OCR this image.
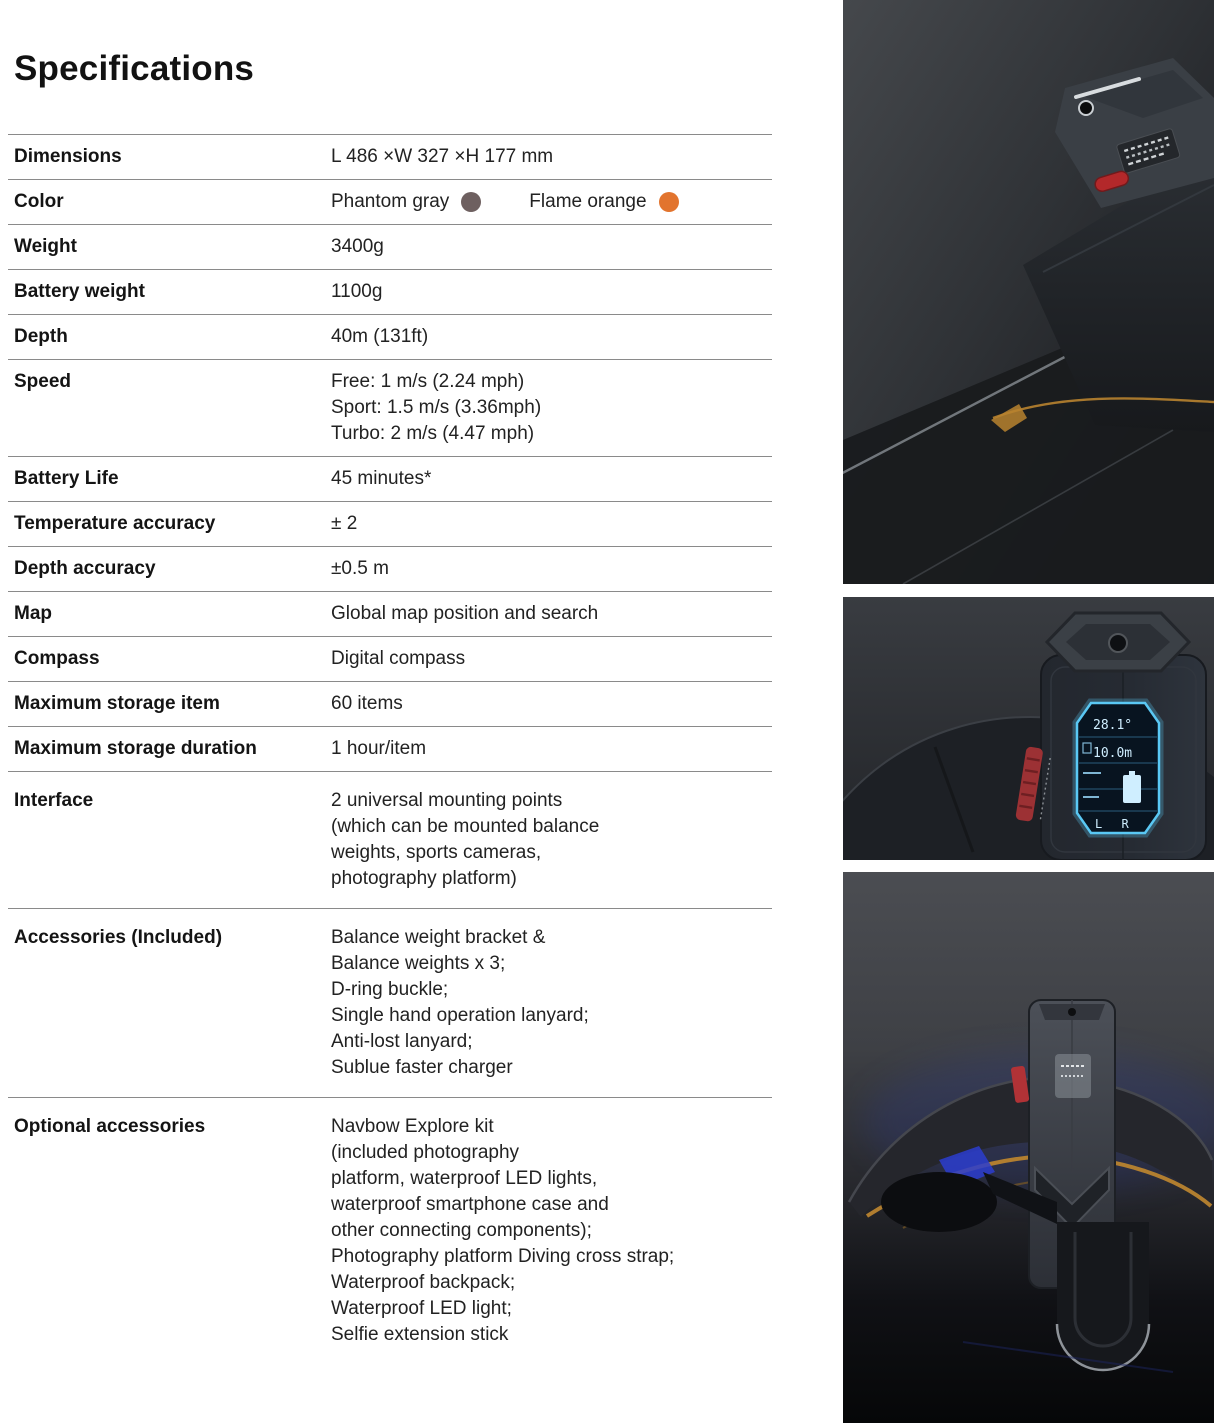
Specifications
Dimensions	L 486 ×W 327 ×H 177 mm
Color	Phantom gray	Flame orange
Weight	3400g
Battery weight	1100g
Depth	40m (131ft)
Speed	Free: 1 m/s (2.24 mph)
Sport: 1.5 m/s (3.36mph)
Turbo: 2 m/s (4.47 mph)
Battery Life	45 minutes*
Temperature accuracy	± 2
Depth accuracy	±0.5 m
Map	Global map position and search
Compass	Digital compass
Maximum storage item	60 items
Maximum storage duration	1 hour/item
Interface	2 universal mounting points
(which can be mounted balance
weights, sports cameras,
photography platform)
Accessories (Included)	Balance weight bracket &
Balance weights x 3;
D-ring buckle;
Single hand operation lanyard;
Anti-lost lanyard;
Sublue faster charger
Optional accessories	Navbow Explore kit
(included photography
platform, waterproof LED lights,
waterproof smartphone case and
other connecting components);
Photography platform Diving cross strap;
Waterproof backpack;
Waterproof LED light;
Selfie extension stick
28.1°
10.0m
L R
